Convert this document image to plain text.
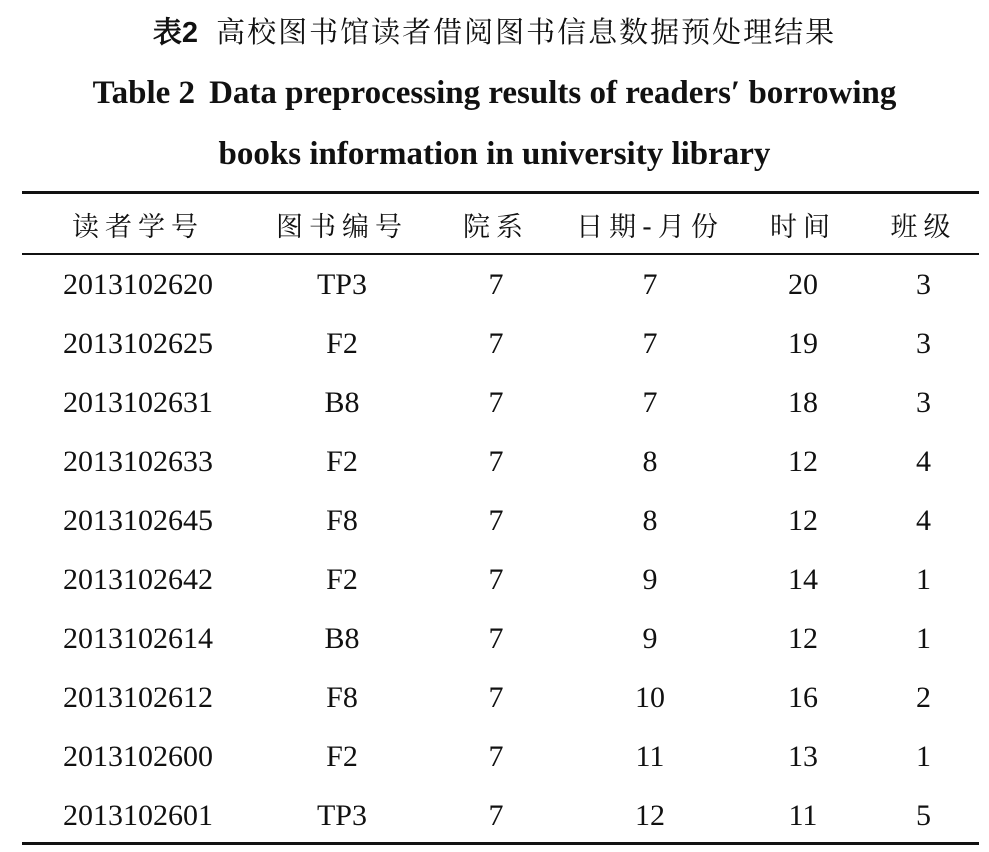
表2 高校图书馆读者借阅图书信息数据预处理结果
Table 2 Data preprocessing results of readers′ borrowing
books information in university library
读者学号	图书编号	院系	日期-月份	时间	班级
2013102620	TP3	7	7	20	3
2013102625	F2	7	7	19	3
2013102631	B8	7	7	18	3
2013102633	F2	7	8	12	4
2013102645	F8	7	8	12	4
2013102642	F2	7	9	14	1
2013102614	B8	7	9	12	1
2013102612	F8	7	10	16	2
2013102600	F2	7	11	13	1
2013102601	TP3	7	12	11	5
